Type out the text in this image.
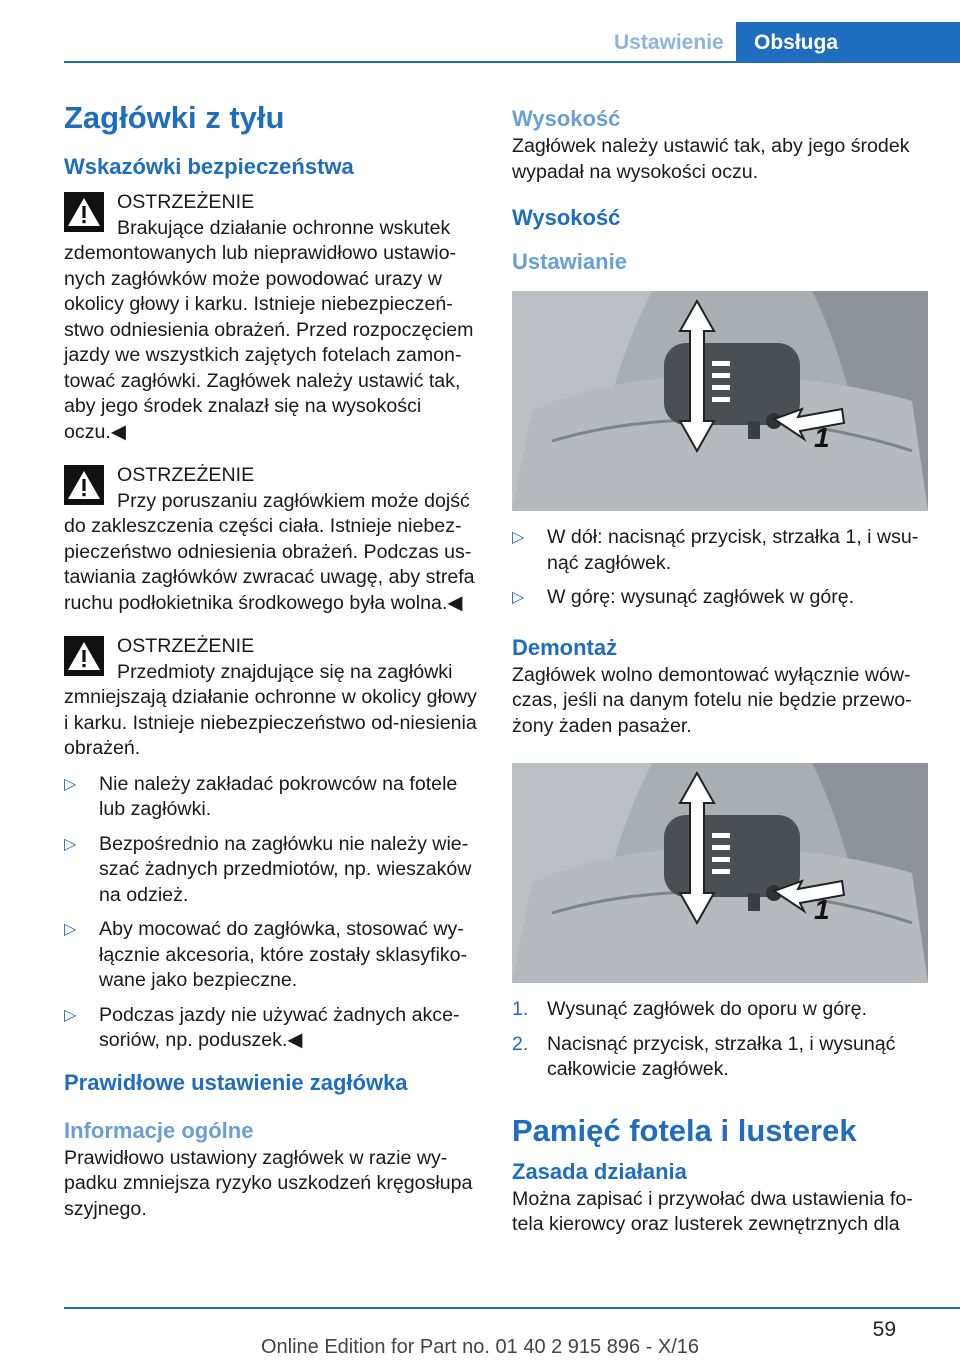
Ustawienie	Obsługa
Zagłówki z tyłu
Wskazówki bezpieczeństwa

OSTRZEŻENIE

Brakujące działanie ochronne wskutek

zdemontowanych lub nieprawidłowo ustawio-nych zagłówków może powodować urazy w okolicy głowy i karku. Istnieje niebezpieczeń-stwo odniesienia obrażeń. Przed rozpoczęciem jazdy we wszystkich zajętych fotelach zamon-tować zagłówki. Zagłówek należy ustawić tak, aby jego środek znalazł się na wysokości oczu.◀

OSTRZEŻENIE

Przy poruszaniu zagłówkiem może dojść

do zakleszczenia części ciała. Istnieje niebez-pieczeństwo odniesienia obrażeń. Podczas us-tawiania zagłówków zwracać uwagę, aby strefa ruchu podłokietnika środkowego była wolna.◀

OSTRZEŻENIE

Przedmioty znajdujące się na zagłówki

zmniejszają działanie ochronne w okolicy głowy i karku. Istnieje niebezpieczeństwo od-niesienia obrażeń.

▷ Nie należy zakładać pokrowców na fotele lub zagłówki.
▷ Bezpośrednio na zagłówku nie należy wie-szać żadnych przedmiotów, np. wieszaków na odzież.
▷ Aby mocować do zagłówka, stosować wy-łącznie akcesoria, które zostały sklasyfiko-wane jako bezpieczne.
▷ Podczas jazdy nie używać żadnych akce-soriów, np. poduszek.◀
Prawidłowe ustawienie zagłówka
Informacje ogólne

Prawidłowo ustawiony zagłówek w razie wy-padku zmniejsza ryzyko uszkodzeń kręgosłupa szyjnego.

Wysokość

Zagłówek należy ustawić tak, aby jego środek wypadał na wysokości oczu.

Wysokość
Ustawianie
1
▷ W dół: nacisnąć przycisk, strzałka 1, i wsu-nąć zagłówek.
▷ W górę: wysunąć zagłówek w górę.
Demontaż

Zagłówek wolno demontować wyłącznie wów-czas, jeśli na danym fotelu nie będzie przewo-żony żaden pasażer.

1
1. Wysunąć zagłówek do oporu w górę.
2. Nacisnąć przycisk, strzałka 1, i wysunąć całkowicie zagłówek.
Pamięć fotela i lusterek
Zasada działania

Można zapisać i przywołać dwa ustawienia fo-tela kierowcy oraz lusterek zewnętrznych dla

59
Online Edition for Part no. 01 40 2 915 896 - X/16
